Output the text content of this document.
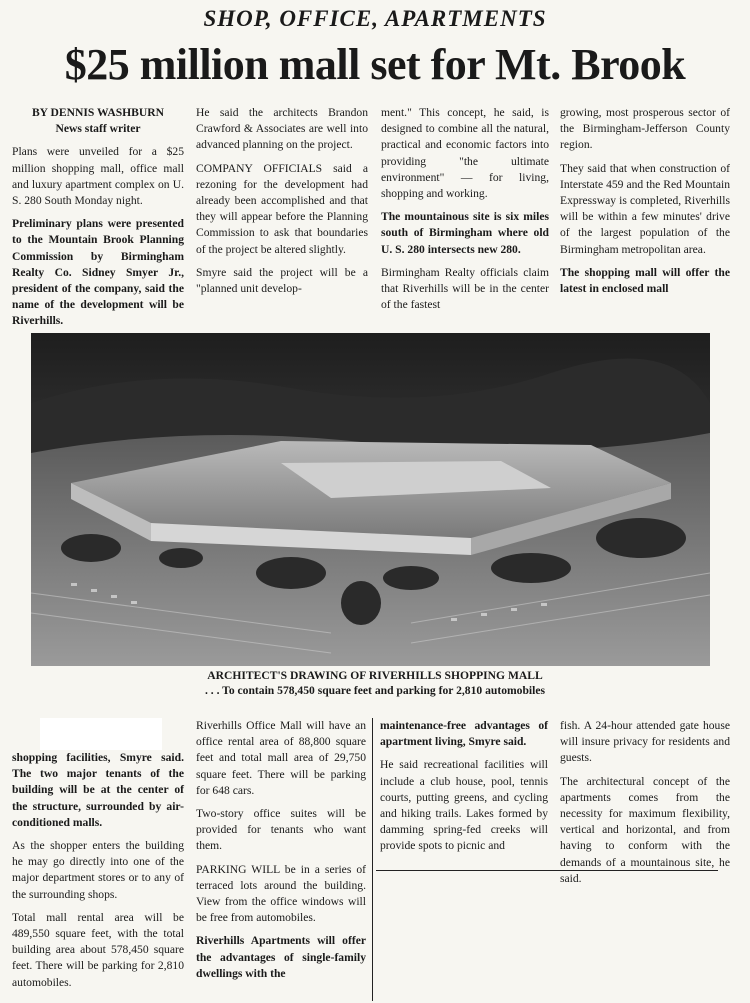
SHOP, OFFICE, APARTMENTS
$25 million mall set for Mt. Brook

BY DENNIS WASHBURN

News staff writer

Plans were unveiled for a $25 million shopping mall, office mall and luxury apartment complex on U. S. 280 South Monday night.

Preliminary plans were presented to the Mountain Brook Planning Commission by Birmingham Realty Co. Sidney Smyer Jr., president of the company, said the name of the development will be Riverhills.

He said the architects Brandon Crawford & Associates are well into advanced planning on the project.

COMPANY OFFICIALS said a rezoning for the development had already been accomplished and that they will appear before the Planning Commission to ask that boundaries of the project be altered slightly.

Smyre said the project will be a "planned unit develop-

ment." This concept, he said, is designed to combine all the natural, practical and economic factors into providing "the ultimate environment" — for living, shopping and working.

The mountainous site is six miles south of Birmingham where old U. S. 280 intersects new 280.

Birmingham Realty officials claim that Riverhills will be in the center of the fastest

growing, most prosperous sector of the Birmingham-Jefferson County region.

They said that when construction of Interstate 459 and the Red Mountain Expressway is completed, Riverhills will be within a few minutes' drive of the largest population of the Birmingham metropolitan area.

The shopping mall will offer the latest in enclosed mall

ARCHITECT'S DRAWING OF RIVERHILLS SHOPPING MALL
. . . To contain 578,450 square feet and parking for 2,810 automobiles

shopping facilities, Smyre said. The two major tenants of the building will be at the center of the structure, surrounded by air-conditioned malls.

As the shopper enters the building he may go directly into one of the major department stores or to any of the surrounding shops.

Total mall rental area will be 489,550 square feet, with the total building area about 578,450 square feet. There will be parking for 2,810 automobiles.

Riverhills Office Mall will have an office rental area of 88,800 square feet and total mall area of 29,750 square feet. There will be parking for 648 cars.

Two-story office suites will be provided for tenants who want them.

PARKING WILL be in a series of terraced lots around the building. View from the office windows will be free from automobiles.

Riverhills Apartments will offer the advantages of single-family dwellings with the

maintenance-free advantages of apartment living, Smyre said.

He said recreational facilities will include a club house, pool, tennis courts, putting greens, and cycling and hiking trails. Lakes formed by damming spring-fed creeks will provide spots to picnic and

fish. A 24-hour attended gate house will insure privacy for residents and guests.

The architectural concept of the apartments comes from the necessity for maximum flexibility, vertical and horizontal, and from having to conform with the demands of a mountainous site, he said.
